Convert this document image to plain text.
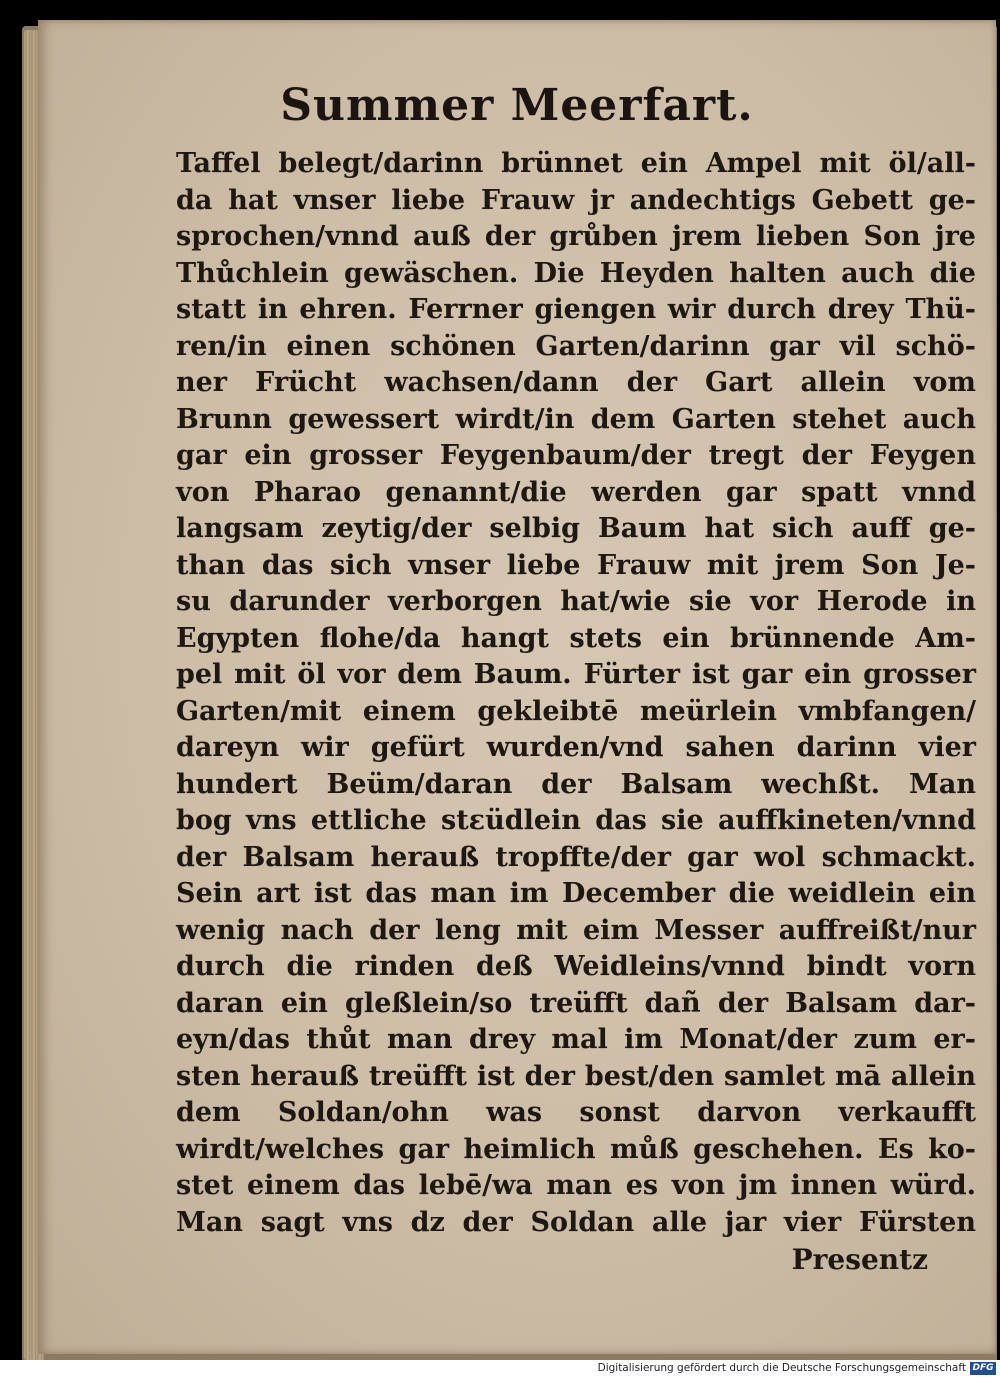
Summer Meerfart.
Taffel belegt/darinn brünnet ein Ampel mit öl/all-
da hat vnser liebe Frauw jr andechtigs Gebett ge-
sprochen/vnnd auß der grůben jrem lieben Son jre
Thůchlein gewäschen. Die Heyden halten auch die
statt in ehren. Ferrner giengen wir durch drey Thü-
ren/in einen schönen Garten/darinn gar vil schö-
ner Frücht wachsen/dann der Gart allein vom
Brunn gewessert wirdt/in dem Garten stehet auch
gar ein grosser Feygenbaum/der tregt der Feygen
von Pharao genannt/die werden gar spatt vnnd
langsam zeytig/der selbig Baum hat sich auff ge-
than das sich vnser liebe Frauw mit jrem Son Je-
su darunder verborgen hat/wie sie vor Herode in
Egypten flohe/da hangt stets ein brünnende Am-
pel mit öl vor dem Baum. Fürter ist gar ein grosser
Garten/mit einem gekleibtē meürlein vmbfangen/
dareyn wir gefürt wurden/vnd sahen darinn vier
hundert Beüm/daran der Balsam wechßt. Man
bog vns ettliche stεüdlein das sie auffkineten/vnnd
der Balsam herauß tropffte/der gar wol schmackt.
Sein art ist das man im December die weidlein ein
wenig nach der leng mit eim Messer auffreißt/nur
durch die rinden deß Weidleins/vnnd bindt vorn
daran ein gleßlein/so treüfft dañ der Balsam dar-
eyn/das thůt man drey mal im Monat/der zum er-
sten herauß treüfft ist der best/den samlet mā allein
dem Soldan/ohn was sonst darvon verkaufft
wirdt/welches gar heimlich můß geschehen. Es ko-
stet einem das lebē/wa man es von jm innen würd.
Man sagt vns dz der Soldan alle jar vier Fürsten
Presentz
Digitalisierung gefördert durch die Deutsche Forschungsgemeinschaft DFG
